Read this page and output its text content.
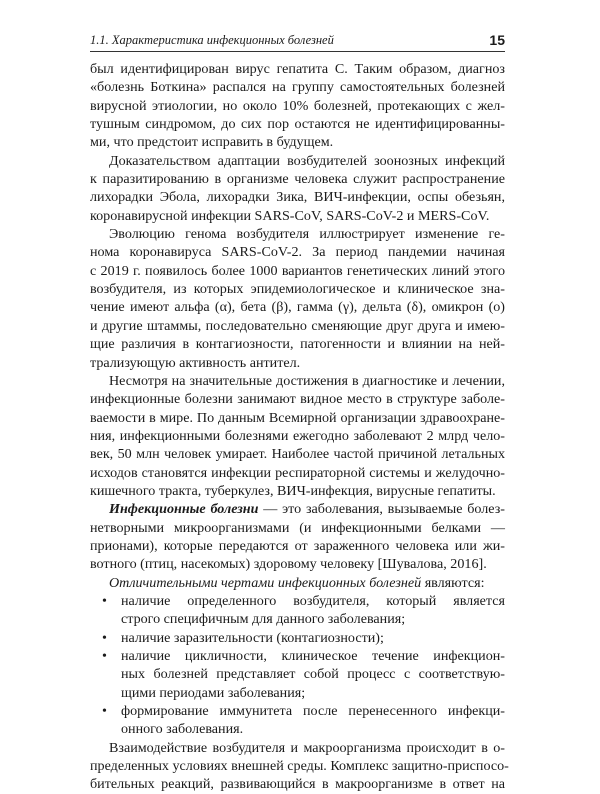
1.1. Характеристика инфекционных болезней	15
был идентифицирован вирус гепатита С. Таким образом, диагноз
«болезнь Боткина» распался на группу самостоятельных болезней
вирусной этиологии, но около 10% болезней, протекающих с жел-
тушным синдромом, до сих пор остаются не идентифицированны-
ми, что предстоит исправить в будущем.
Доказательством адаптации возбудителей зоонозных инфекций
к паразитированию в организме человека служит распространение
лихорадки Эбола, лихорадки Зика, ВИЧ-инфекции, оспы обезьян,
коронавирусной инфекции SARS-CoV, SARS-CoV-2 и MERS-CoV.
Эволюцию генома возбудителя иллюстрирует изменение ге-
нома коронавируса SARS-CoV-2. За период пандемии начиная
с 2019 г. появилось более 1000 вариантов генетических линий этого
возбудителя, из которых эпидемиологическое и клиническое зна-
чение имеют альфа (α), бета (β), гамма (γ), дельта (δ), омикрон (ο)
и другие штаммы, последовательно сменяющие друг друга и имею-
щие различия в контагиозности, патогенности и влиянии на ней-
трализующую активность антител.
Несмотря на значительные достижения в диагностике и лечении,
инфекционные болезни занимают видное место в структуре заболе-
ваемости в мире. По данным Всемирной организации здравоохране-
ния, инфекционными болезнями ежегодно заболевают 2 млрд чело-
век, 50 млн человек умирает. Наиболее частой причиной летальных
исходов становятся инфекции респираторной системы и желудочно-
кишечного тракта, туберкулез, ВИЧ-инфекция, вирусные гепатиты.
Инфекционные болезни — это заболевания, вызываемые болез-
нетворными микроорганизмами (и инфекционными белками —
прионами), которые передаются от зараженного человека или жи-
вотного (птиц, насекомых) здоровому человеку [Шувалова, 2016].
Отличительными чертами инфекционных болезней являются:
• наличие определенного возбудителя, который является
строго специфичным для данного заболевания;
• наличие заразительности (контагиозности);
• наличие цикличности, клиническое течение инфекцион-
ных болезней представляет собой процесс с соответствую-
щими периодами заболевания;
• формирование иммунитета после перенесенного инфекци-
онного заболевания.
Взаимодействие возбудителя и макроорганизма происходит в о-
пределенных условиях внешней среды. Комплекс защитно-приспосо-
бительных реакций, развивающийся в макроорганизме в ответ на
